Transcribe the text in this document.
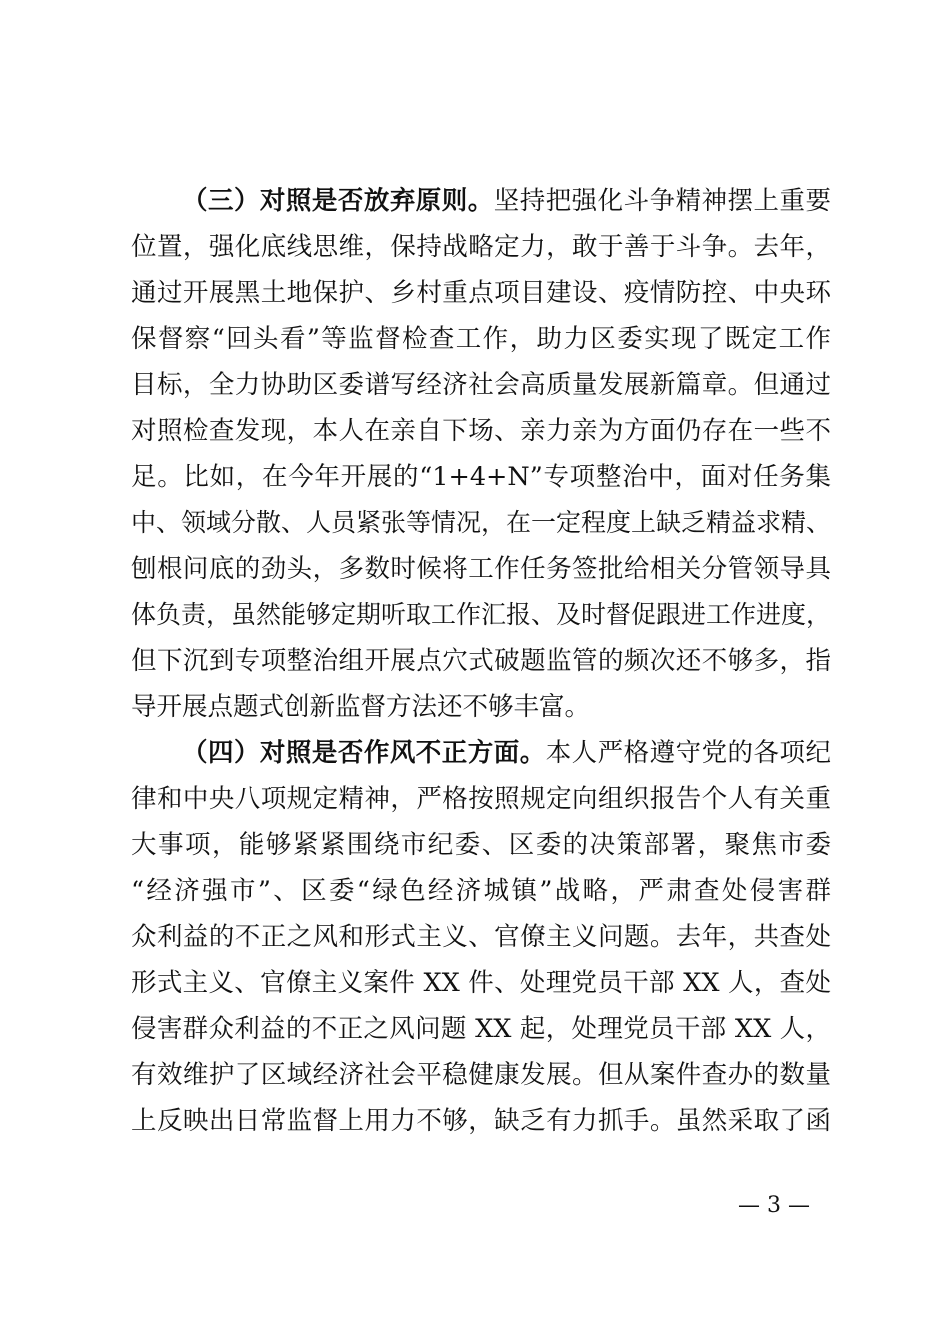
（三）对照是否放弃原则。坚持把强化斗争精神摆上重要
位置，强化底线思维，保持战略定力，敢于善于斗争。去年，
通过开展黑土地保护、乡村重点项目建设、疫情防控、中央环
保督察“回头看”等监督检查工作，助力区委实现了既定工作
目标，全力协助区委谱写经济社会高质量发展新篇章。但通过
对照检查发现，本人在亲自下场、亲力亲为方面仍存在一些不
足。比如，在今年开展的“1+4+N”专项整治中，面对任务集
中、领域分散、人员紧张等情况，在一定程度上缺乏精益求精、
刨根问底的劲头，多数时候将工作任务签批给相关分管领导具
体负责，虽然能够定期听取工作汇报、及时督促跟进工作进度，
但下沉到专项整治组开展点穴式破题监管的频次还不够多，指
导开展点题式创新监督方法还不够丰富。
（四）对照是否作风不正方面。本人严格遵守党的各项纪
律和中央八项规定精神，严格按照规定向组织报告个人有关重
大事项，能够紧紧围绕市纪委、区委的决策部署，聚焦市委
“经济强市”、区委“绿色经济城镇”战略，严肃查处侵害群
众利益的不正之风和形式主义、官僚主义问题。去年，共查处
形式主义、官僚主义案件 XX 件、处理党员干部 XX 人，查处
侵害群众利益的不正之风问题 XX 起，处理党员干部 XX 人，
有效维护了区域经济社会平稳健康发展。但从案件查办的数量
上反映出日常监督上用力不够，缺乏有力抓手。虽然采取了函
— 3 —
